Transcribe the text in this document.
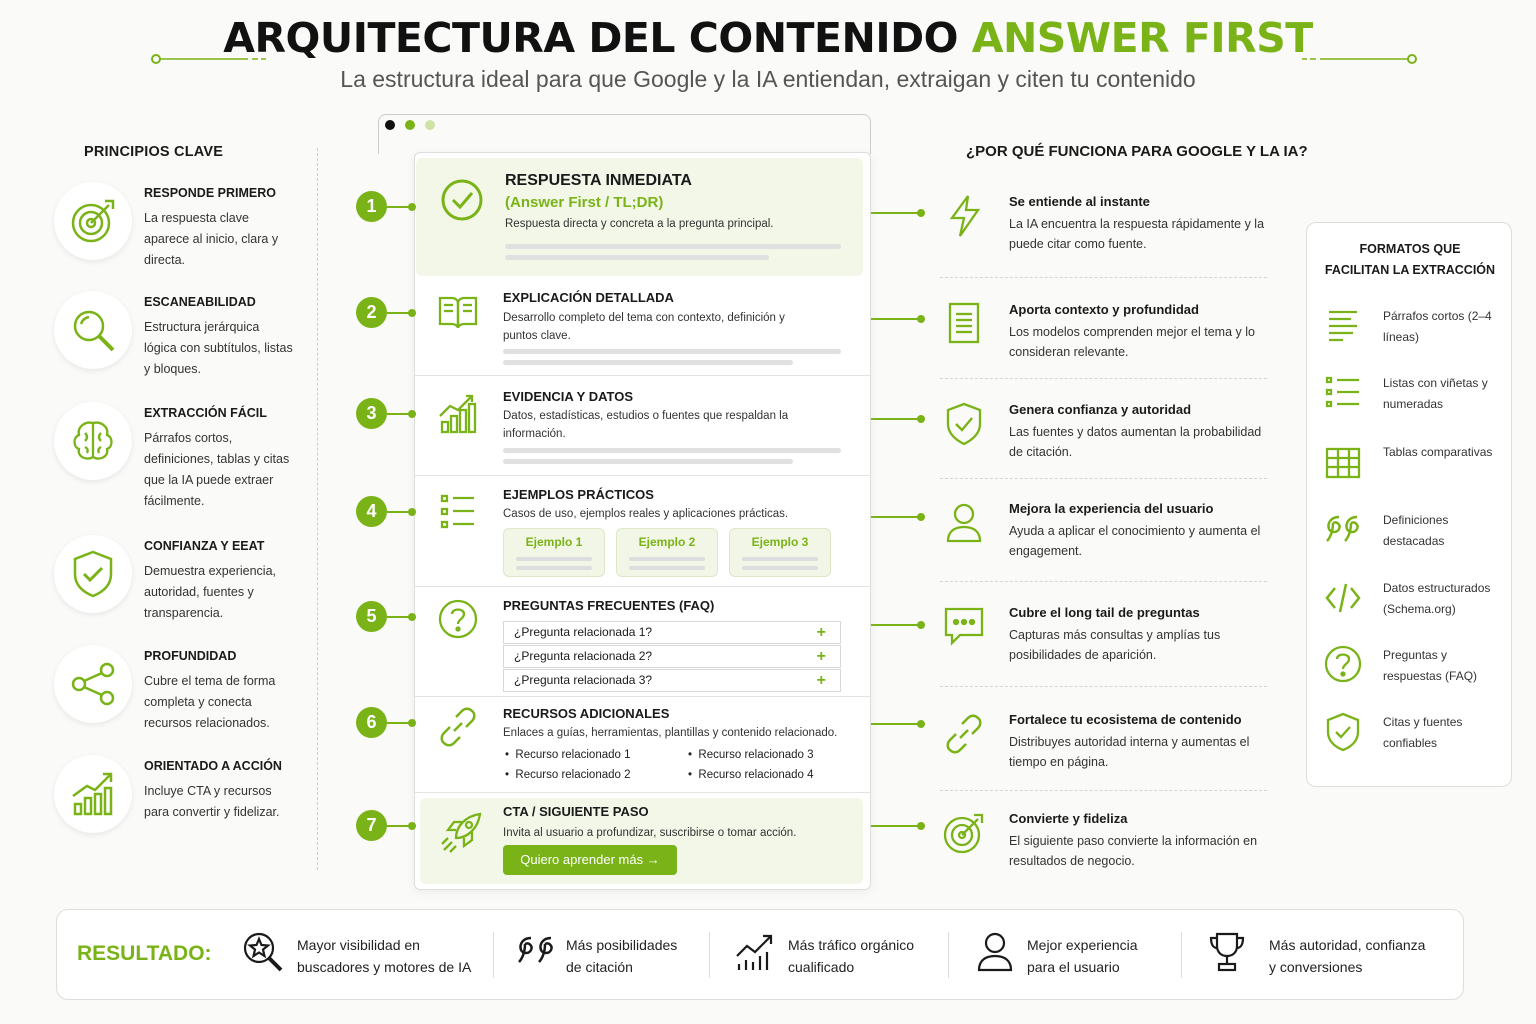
ARQUITECTURA DEL CONTENIDO ANSWER FIRST
La estructura ideal para que Google y la IA entiendan, extraigan y citen tu contenido
PRINCIPIOS CLAVE
RESPONDE PRIMERO
La respuesta clave aparece al inicio, clara y directa.
ESCANEABILIDAD
Estructura jerárquica lógica con subtítulos, listas y bloques.
EXTRACCIÓN FÁCIL
Párrafos cortos, definiciones, tablas y citas que la IA puede extraer fácilmente.
CONFIANZA Y EEAT
Demuestra experiencia, autoridad, fuentes y transparencia.
PROFUNDIDAD
Cubre el tema de forma completa y conecta recursos relacionados.
ORIENTADO A ACCIÓN
Incluye CTA y recursos para convertir y fidelizar.
RESPUESTA INMEDIATA
(Answer First / TL;DR)
Respuesta directa y concreta a la pregunta principal.
1
EXPLICACIÓN DETALLADA
Desarrollo completo del tema con contexto, definición y puntos clave.
2
EVIDENCIA Y DATOS
Datos, estadísticas, estudios o fuentes que respaldan la información.
3
EJEMPLOS PRÁCTICOS
Casos de uso, ejemplos reales y aplicaciones prácticas.
Ejemplo 1	Ejemplo 2	Ejemplo 3
4
PREGUNTAS FRECUENTES (FAQ)
¿Pregunta relacionada 1?	+
¿Pregunta relacionada 2?	+
¿Pregunta relacionada 3?	+
5
RECURSOS ADICIONALES
Enlaces a guías, herramientas, plantillas y contenido relacionado.
•  Recurso relacionado 1	•  Recurso relacionado 3
•  Recurso relacionado 2	•  Recurso relacionado 4
6
CTA / SIGUIENTE PASO
Invita al usuario a profundizar, suscribirse o tomar acción.
Quiero aprender más →
7
¿POR QUÉ FUNCIONA PARA GOOGLE Y LA IA?
Se entiende al instante
La IA encuentra la respuesta rápidamente y la puede citar como fuente.
Aporta contexto y profundidad
Los modelos comprenden mejor el tema y lo consideran relevante.
Genera confianza y autoridad
Las fuentes y datos aumentan la probabilidad de citación.
Mejora la experiencia del usuario
Ayuda a aplicar el conocimiento y aumenta el engagement.
Cubre el long tail de preguntas
Capturas más consultas y amplías tus posibilidades de aparición.
Fortalece tu ecosistema de contenido
Distribuyes autoridad interna y aumentas el tiempo en página.
Convierte y fideliza
El siguiente paso convierte la información en resultados de negocio.
FORMATOS QUE
FACILITAN LA EXTRACCIÓN
Párrafos cortos (2–4 líneas)
Listas con viñetas y numeradas
Tablas comparativas
Definiciones destacadas
Datos estructurados (Schema.org)
Preguntas y respuestas (FAQ)
Citas y fuentes confiables
RESULTADO:	Mayor visibilidad en
buscadores y motores de IA
Más posibilidades
de citación
Más tráfico orgánico
cualificado
Mejor experiencia
para el usuario
Más autoridad, confianza
y conversiones
